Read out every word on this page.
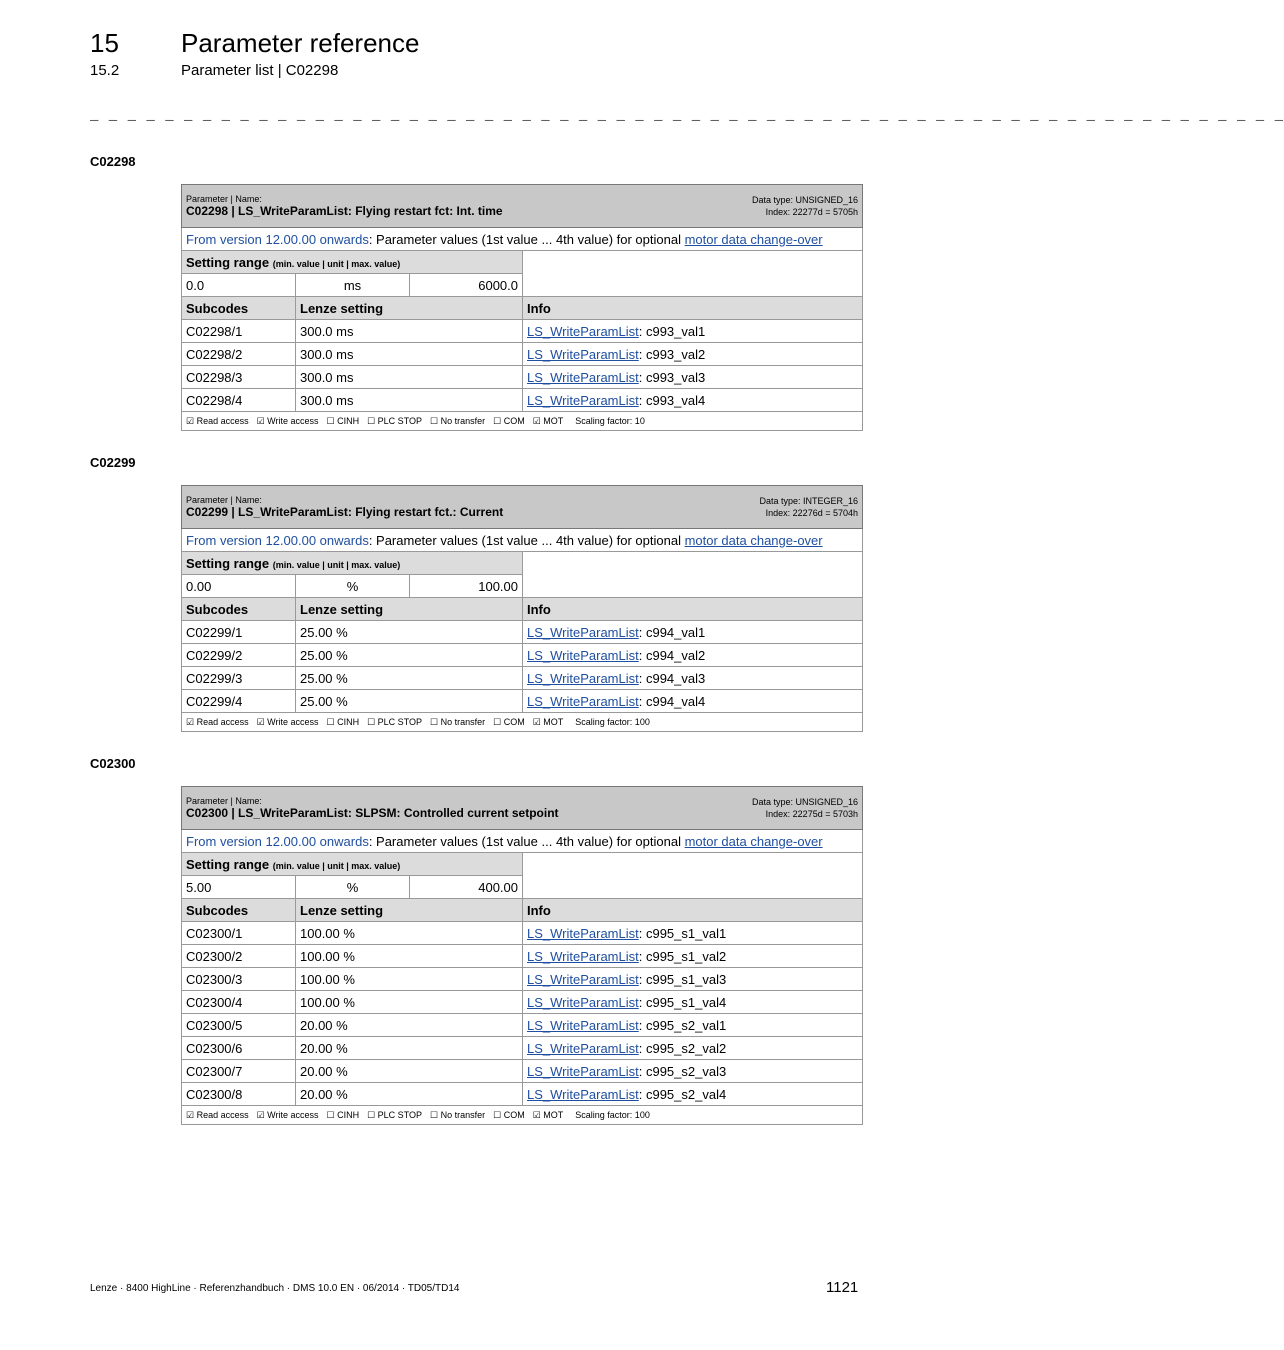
15 Parameter reference
15.2	Parameter list | C02298
_ _ _ _ _ _ _ _ _ _ _ _ _ _ _ _ _ _ _ _ _ _ _ _ _ _ _ _ _ _ _ _ _ _ _ _ _ _ _ _ _ _ _ _ _ _ _ _ _ _ _ _ _ _ _ _ _ _ _ _ _ _ _ _
C02298
Data type: UNSIGNED_16
Index: 22277d = 5705h
Parameter | Name:
C02298 | LS_WriteParamList: Flying restart fct: Int. time			

From version 12.00.00 onwards: Parameter values (1st value ... 4th value) for optional motor data change-over			
Setting range (min. value | unit | max. value)			
0.0	ms	6000.0	
Subcodes	Lenze setting		Info
C02298/1	300.0 ms		LS_WriteParamList: c993_val1
C02298/2	300.0 ms		LS_WriteParamList: c993_val2
C02298/3	300.0 ms		LS_WriteParamList: c993_val3
C02298/4	300.0 ms		LS_WriteParamList: c993_val4
☑ Read access ☑ Write access ☐ CINH ☐ PLC STOP ☐ No transfer ☐ COM ☑ MOT Scaling factor: 10			
C02299
Data type: INTEGER_16
Index: 22276d = 5704h
Parameter | Name:
C02299 | LS_WriteParamList: Flying restart fct.: Current			

From version 12.00.00 onwards: Parameter values (1st value ... 4th value) for optional motor data change-over			
Setting range (min. value | unit | max. value)			
0.00	%	100.00	
Subcodes	Lenze setting		Info
C02299/1	25.00 %		LS_WriteParamList: c994_val1
C02299/2	25.00 %		LS_WriteParamList: c994_val2
C02299/3	25.00 %		LS_WriteParamList: c994_val3
C02299/4	25.00 %		LS_WriteParamList: c994_val4
☑ Read access ☑ Write access ☐ CINH ☐ PLC STOP ☐ No transfer ☐ COM ☑ MOT Scaling factor: 100			
C02300
Data type: UNSIGNED_16
Index: 22275d = 5703h
Parameter | Name:
C02300 | LS_WriteParamList: SLPSM: Controlled current setpoint			

From version 12.00.00 onwards: Parameter values (1st value ... 4th value) for optional motor data change-over			
Setting range (min. value | unit | max. value)			
5.00	%	400.00	
Subcodes	Lenze setting		Info
C02300/1	100.00 %		LS_WriteParamList: c995_s1_val1
C02300/2	100.00 %		LS_WriteParamList: c995_s1_val2
C02300/3	100.00 %		LS_WriteParamList: c995_s1_val3
C02300/4	100.00 %		LS_WriteParamList: c995_s1_val4
C02300/5	20.00 %		LS_WriteParamList: c995_s2_val1
C02300/6	20.00 %		LS_WriteParamList: c995_s2_val2
C02300/7	20.00 %		LS_WriteParamList: c995_s2_val3
C02300/8	20.00 %		LS_WriteParamList: c995_s2_val4
☑ Read access ☑ Write access ☐ CINH ☐ PLC STOP ☐ No transfer ☐ COM ☑ MOT Scaling factor: 100			
Lenze · 8400 HighLine · Referenzhandbuch · DMS 10.0 EN · 06/2014 · TD05/TD14	1121
